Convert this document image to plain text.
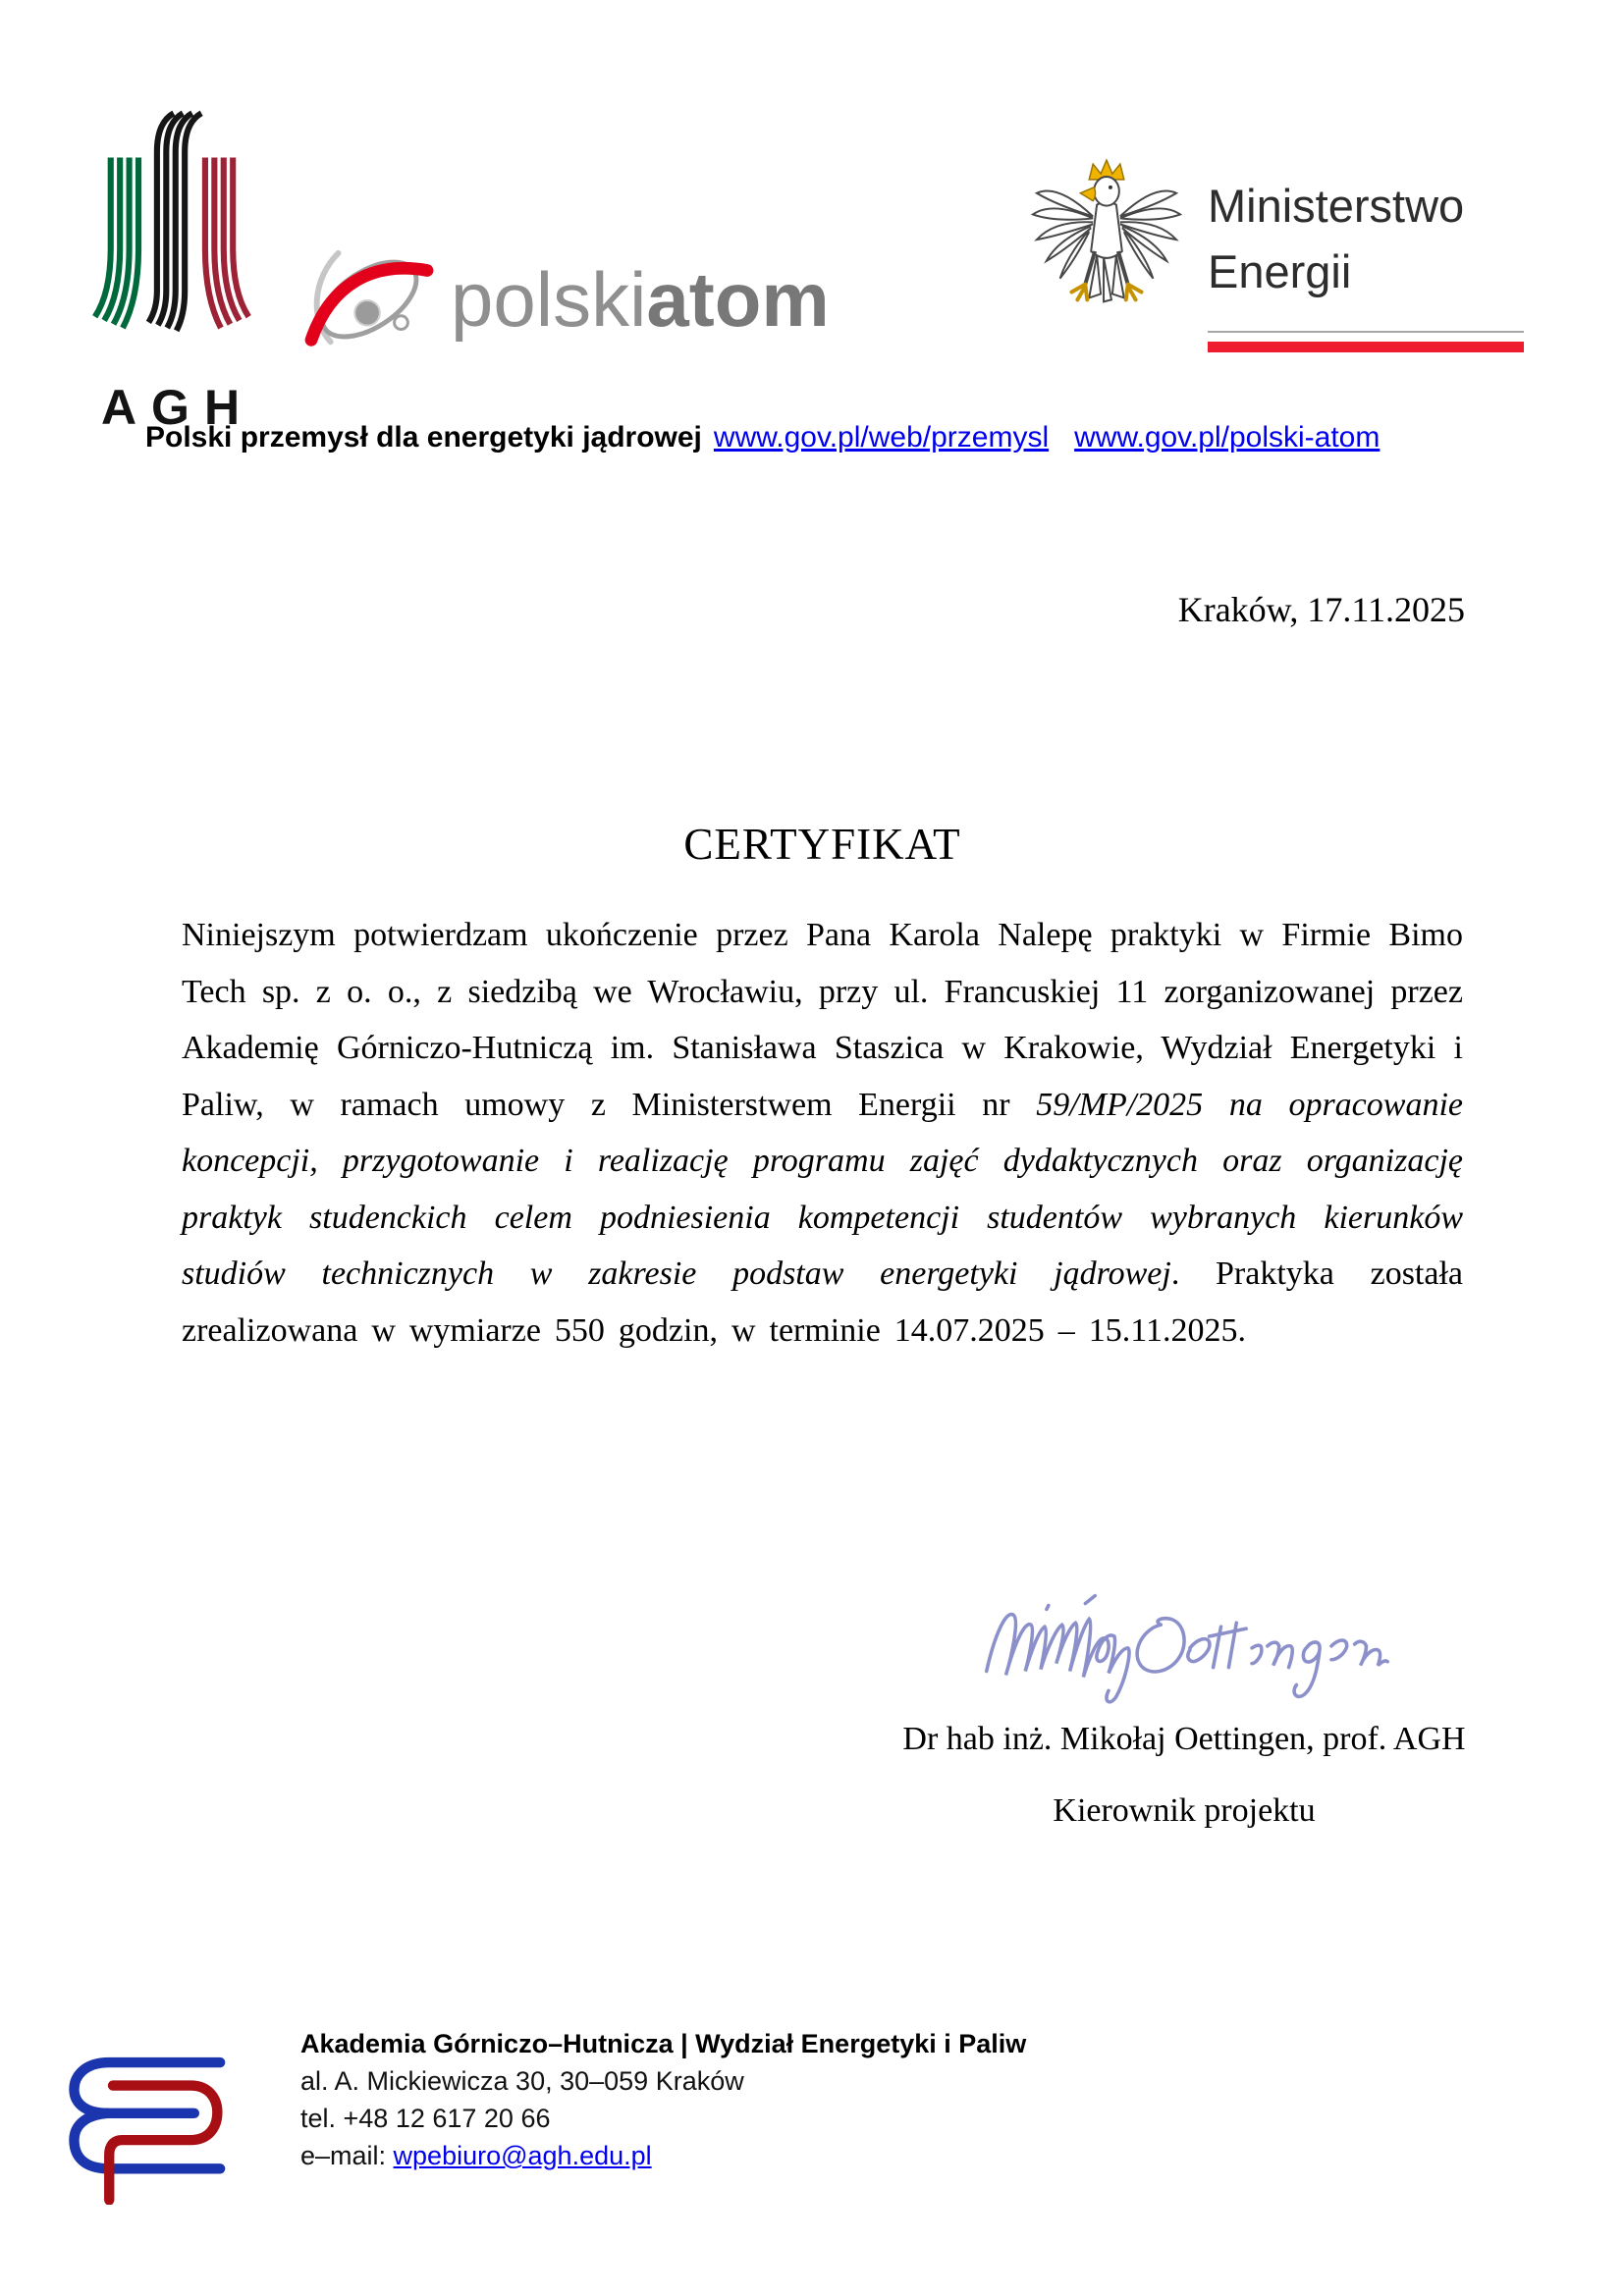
AGH
polskiatom
Ministerstwo
Energii
Polski przemysł dla energetyki jądrowej www.gov.pl/web/przemysl www.gov.pl/polski-atom
Kraków, 17.11.2025
CERTYFIKAT
Niniejszym potwierdzam ukończenie przez Pana Karola Nalepę praktyki w Firmie Bimo Tech sp. z o. o., z siedzibą we Wrocławiu, przy ul. Francuskiej 11 zorganizowanej przez Akademię Górniczo-Hutniczą im. Stanisława Staszica w Krakowie, Wydział Energetyki i Paliw, w ramach umowy z Ministerstwem Energii nr 59/MP/2025 na opracowanie koncepcji, przygotowanie i realizację programu zajęć dydaktycznych oraz organizację praktyk studenckich celem podniesienia kompetencji studentów wybranych kierunków studiów technicznych w zakresie podstaw energetyki jądrowej. Praktyka została zrealizowana w wymiarze 550 godzin, w terminie 14.07.2025 – 15.11.2025.
Dr hab inż. Mikołaj Oettingen, prof. AGH
Kierownik projektu
Akademia Górniczo–Hutnicza | Wydział Energetyki i Paliw
al. A. Mickiewicza 30, 30–059 Kraków
tel. +48 12 617 20 66
e–mail: wpebiuro@agh.edu.pl
